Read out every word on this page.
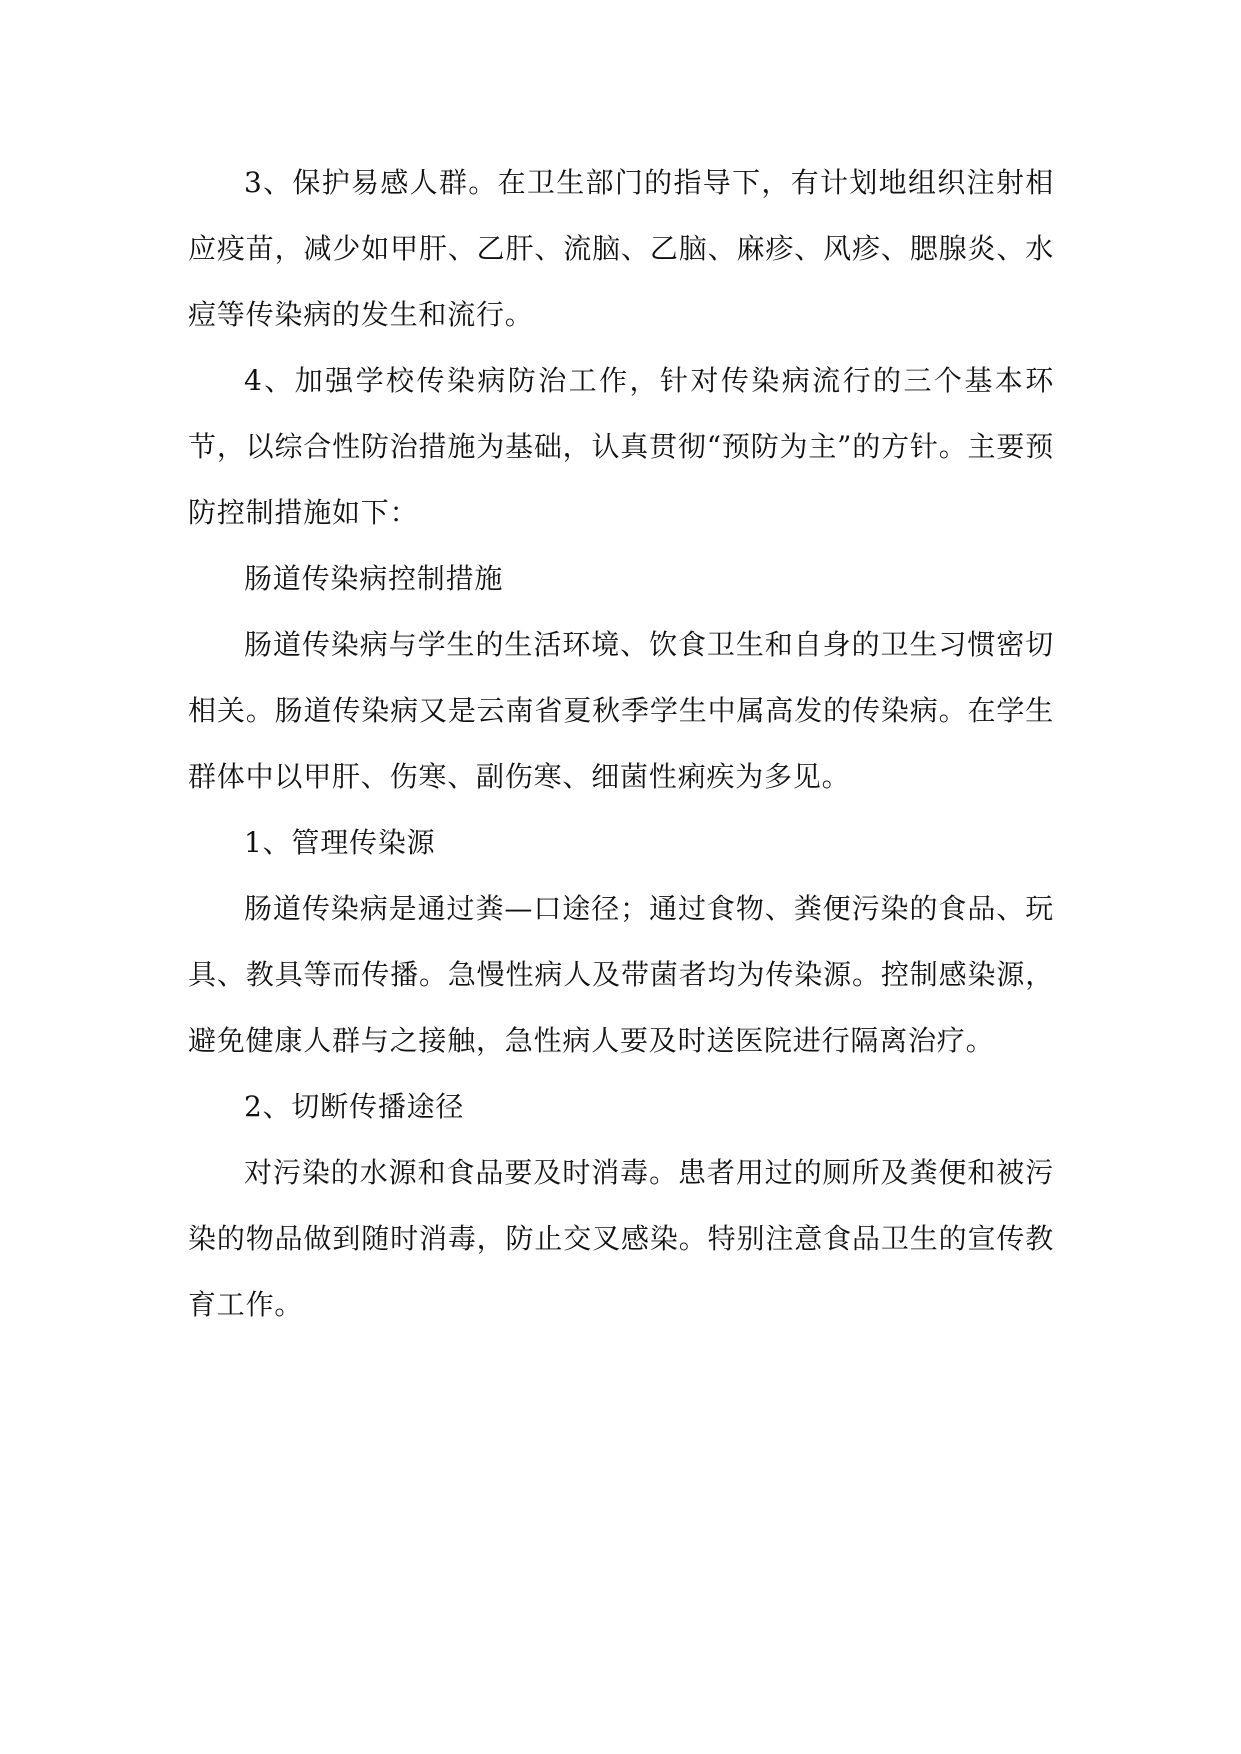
3、保护易感人群。在卫生部门的指导下，有计划地组织注射相应疫苗，减少如甲肝、乙肝、流脑、乙脑、麻疹、风疹、腮腺炎、水痘等传染病的发生和流行。

4、加强学校传染病防治工作，针对传染病流行的三个基本环节，以综合性防治措施为基础，认真贯彻“预防为主”的方针。主要预防控制措施如下：

肠道传染病控制措施

肠道传染病与学生的生活环境、饮食卫生和自身的卫生习惯密切相关。肠道传染病又是云南省夏秋季学生中属高发的传染病。在学生群体中以甲肝、伤寒、副伤寒、细菌性痢疾为多见。

1、管理传染源

肠道传染病是通过粪—口途径；通过食物、粪便污染的食品、玩具、教具等而传播。急慢性病人及带菌者均为传染源。控制感染源，避免健康人群与之接触，急性病人要及时送医院进行隔离治疗。

2、切断传播途径

对污染的水源和食品要及时消毒。患者用过的厕所及粪便和被污染的物品做到随时消毒，防止交叉感染。特别注意食品卫生的宣传教育工作。
